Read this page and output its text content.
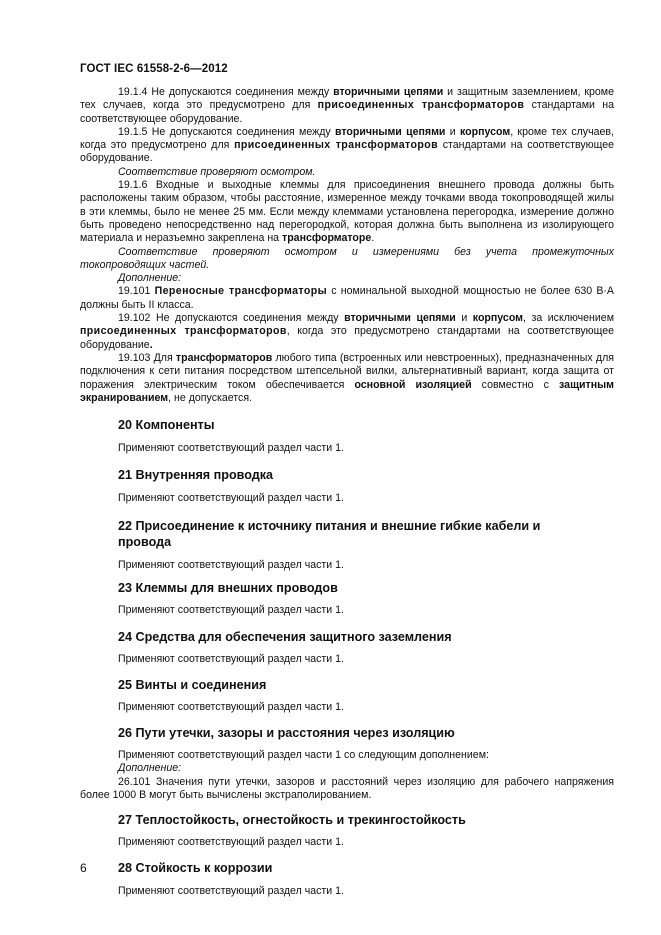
ГОСТ IEC 61558-2-6—2012

19.1.4 Не допускаются соединения между вторичными цепями и защитным заземлением, кроме тех случаев, когда это предусмотрено для присоединенных трансформаторов стандартами на соответствующее оборудование.

19.1.5 Не допускаются соединения между вторичными цепями и корпусом, кроме тех случаев, когда это предусмотрено для присоединенных трансформаторов стандартами на соответствующее оборудование.

Соответствие проверяют осмотром.

19.1.6 Входные и выходные клеммы для присоединения внешнего провода должны быть расположены таким образом, чтобы расстояние, измеренное между точками ввода токопроводящей жилы в эти клеммы, было не менее 25 мм. Если между клеммами установлена перегородка, измерение должно быть проведено непосредственно над перегородкой, которая должна быть выполнена из изолирующего материала и неразъемно закреплена на трансформаторе.

Соответствие проверяют осмотром и измерениями без учета промежуточных токопроводящих частей.

Дополнение:

19.101 Переносные трансформаторы с номинальной выходной мощностью не более 630 В·А должны быть II класса.

19.102 Не допускаются соединения между вторичными цепями и корпусом, за исключением присоединенных трансформаторов, когда это предусмотрено стандартами на соответствующее оборудование.

19.103 Для трансформаторов любого типа (встроенных или невстроенных), предназначенных для подключения к сети питания посредством штепсельной вилки, альтернативный вариант, когда защита от поражения электрическим током обеспечивается основной изоляцией совместно с защитным экранированием, не допускается.

20 Компоненты

Применяют соответствующий раздел части 1.

21 Внутренняя проводка

Применяют соответствующий раздел части 1.

22 Присоединение к источнику питания и внешние гибкие кабели и провода

Применяют соответствующий раздел части 1.

23 Клеммы для внешних проводов

Применяют соответствующий раздел части 1.

24 Средства для обеспечения защитного заземления

Применяют соответствующий раздел части 1.

25 Винты и соединения

Применяют соответствующий раздел части 1.

26 Пути утечки, зазоры и расстояния через изоляцию

Применяют соответствующий раздел части 1 со следующим дополнением:

Дополнение:

26.101 Значения пути утечки, зазоров и расстояний через изоляцию для рабочего напряжения более 1000 В могут быть вычислены экстраполированием.

27 Теплостойкость, огнестойкость и трекингостойкость

Применяют соответствующий раздел части 1.

28 Стойкость к коррозии

Применяют соответствующий раздел части 1.

6
